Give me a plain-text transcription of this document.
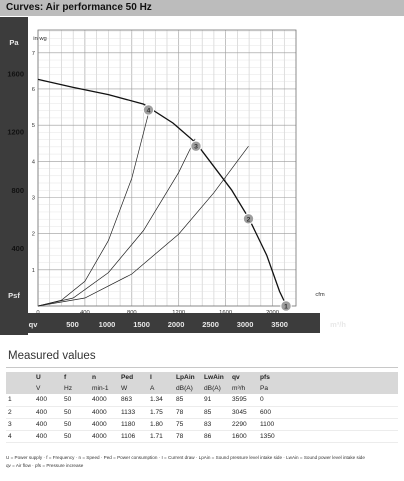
Curves: Air performance 50 Hz
400
800
1200
1600
Pa
Psf
1
2
3
4
5
6
7
in wg
0	400	800	1200	1600	2000
cfm
500	1000 1500 2000 2500 3000 3500
qv	m³/h
1
2
3
4
Measured values
	U	f	n	Ped	I	LpAin	LwAin	qv	pfs
	V	Hz	min-1	W	A	dB(A)	dB(A)	m³/h	Pa
1	400	50	4000	863	1.34	85	91	3595	0
2	400	50	4000	1133	1.75	78	85	3045	600
3	400	50	4000	1180	1.80	75	83	2290	1100
4	400	50	4000	1106	1.71	78	86	1600	1350
U = Power supply · f = Frequency · n = Speed · Ped = Power consumption · I = Current draw · LpAin = Sound pressure level intake side · LwAin = Sound power level intake side
qv = Air flow · pfs = Pressure increase
